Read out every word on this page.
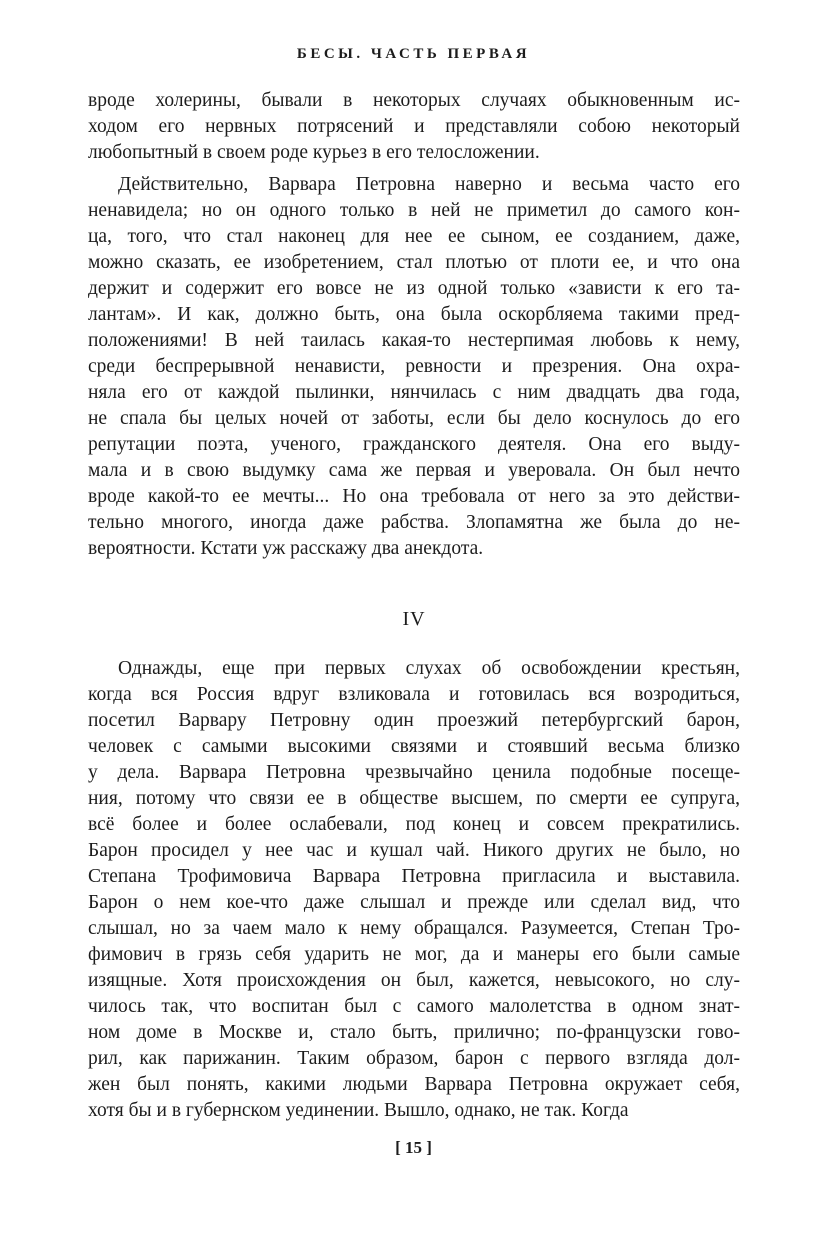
БЕСЫ. ЧАСТЬ ПЕРВАЯ
вроде холерины, бывали в некоторых случаях обыкновенным ис-
ходом его нервных потрясений и представляли собою некоторый
любопытный в своем роде курьез в его телосложении.
Действительно, Варвара Петровна наверно и весьма часто его
ненавидела; но он одного только в ней не приметил до самого кон-
ца, того, что стал наконец для нее ее сыном, ее созданием, даже,
можно сказать, ее изобретением, стал плотью от плоти ее, и что она
держит и содержит его вовсе не из одной только «зависти к его та-
лантам». И как, должно быть, она была оскорбляема такими пред-
положениями! В ней таилась какая-то нестерпимая любовь к нему,
среди беспрерывной ненависти, ревности и презрения. Она охра-
няла его от каждой пылинки, нянчилась с ним двадцать два года,
не спала бы целых ночей от заботы, если бы дело коснулось до его
репутации поэта, ученого, гражданского деятеля. Она его выду-
мала и в свою выдумку сама же первая и уверовала. Он был нечто
вроде какой-то ее мечты... Но она требовала от него за это действи-
тельно многого, иногда даже рабства. Злопамятна же была до не-
вероятности. Кстати уж расскажу два анекдота.
IV
Однажды, еще при первых слухах об освобождении крестьян,
когда вся Россия вдруг взликовала и готовилась вся возродиться,
посетил Варвару Петровну один проезжий петербургский барон,
человек с самыми высокими связями и стоявший весьма близко
у дела. Варвара Петровна чрезвычайно ценила подобные посеще-
ния, потому что связи ее в обществе высшем, по смерти ее супруга,
всё более и более ослабевали, под конец и совсем прекратились.
Барон просидел у нее час и кушал чай. Никого других не было, но
Степана Трофимовича Варвара Петровна пригласила и выставила.
Барон о нем кое-что даже слышал и прежде или сделал вид, что
слышал, но за чаем мало к нему обращался. Разумеется, Степан Тро-
фимович в грязь себя ударить не мог, да и манеры его были самые
изящные. Хотя происхождения он был, кажется, невысокого, но слу-
чилось так, что воспитан был с самого малолетства в одном знат-
ном доме в Москве и, стало быть, прилично; по-французски гово-
рил, как парижанин. Таким образом, барон с первого взгляда дол-
жен был понять, какими людьми Варвара Петровна окружает себя,
хотя бы и в губернском уединении. Вышло, однако, не так. Когда
[ 15 ]
